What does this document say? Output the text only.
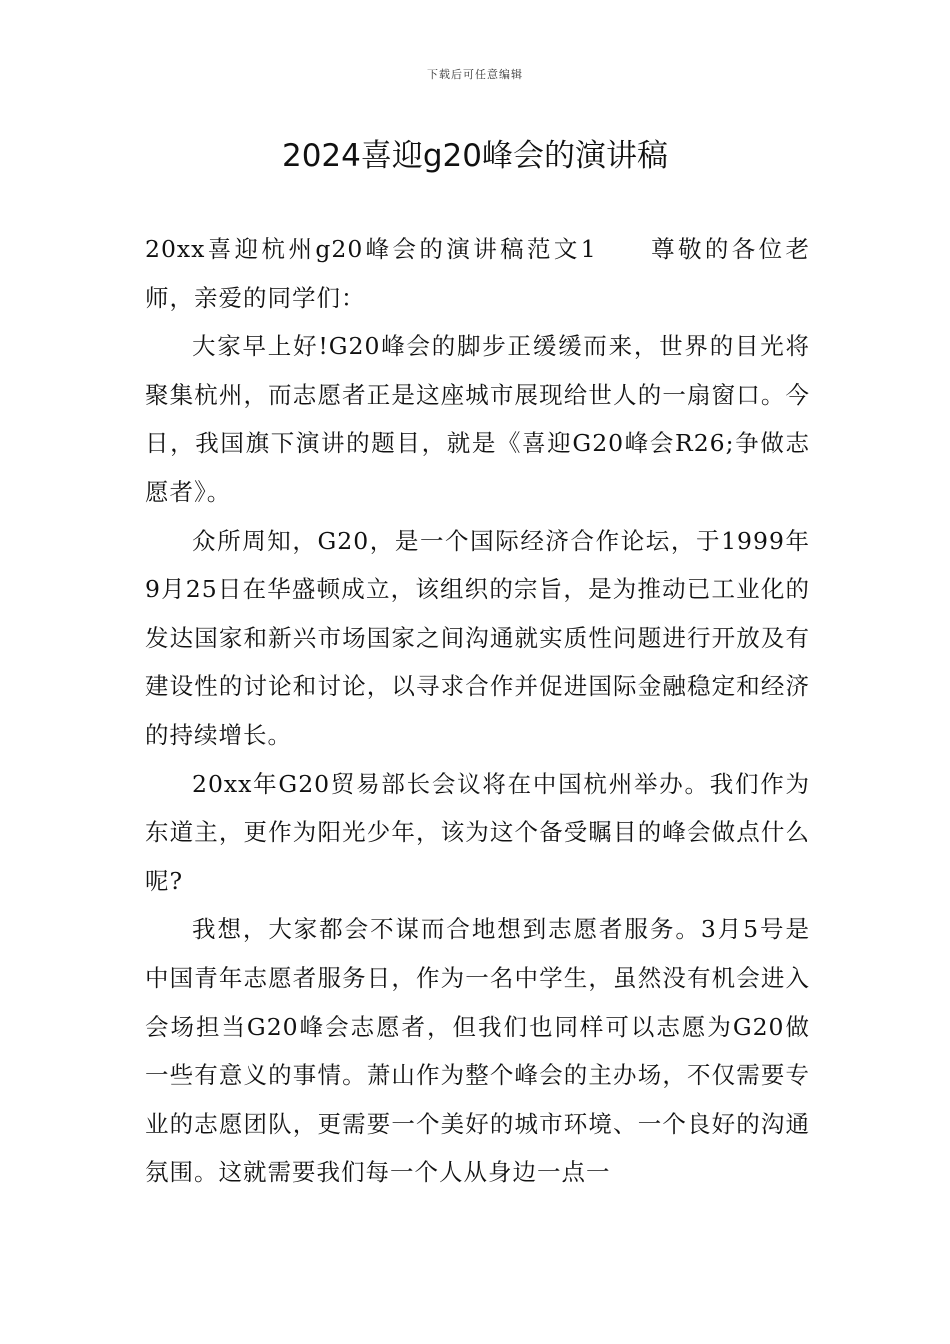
下载后可任意编辑
2024喜迎g20峰会的演讲稿

20xx喜迎杭州g20峰会的演讲稿范文1 尊敬的各位老师，亲爱的同学们：

大家早上好!G20峰会的脚步正缓缓而来，世界的目光将聚集杭州，而志愿者正是这座城市展现给世人的一扇窗口。今日，我国旗下演讲的题目，就是《喜迎G20峰会R26;争做志愿者》。

众所周知，G20，是一个国际经济合作论坛，于1999年9月25日在华盛顿成立，该组织的宗旨，是为推动已工业化的发达国家和新兴市场国家之间沟通就实质性问题进行开放及有建设性的讨论和讨论，以寻求合作并促进国际金融稳定和经济的持续增长。

20xx年G20贸易部长会议将在中国杭州举办。我们作为东道主，更作为阳光少年，该为这个备受瞩目的峰会做点什么呢?

我想，大家都会不谋而合地想到志愿者服务。3月5号是中国青年志愿者服务日，作为一名中学生，虽然没有机会进入会场担当G20峰会志愿者，但我们也同样可以志愿为G20做一些有意义的事情。萧山作为整个峰会的主办场，不仅需要专业的志愿团队，更需要一个美好的城市环境、一个良好的沟通氛围。这就需要我们每一个人从身边一点一
